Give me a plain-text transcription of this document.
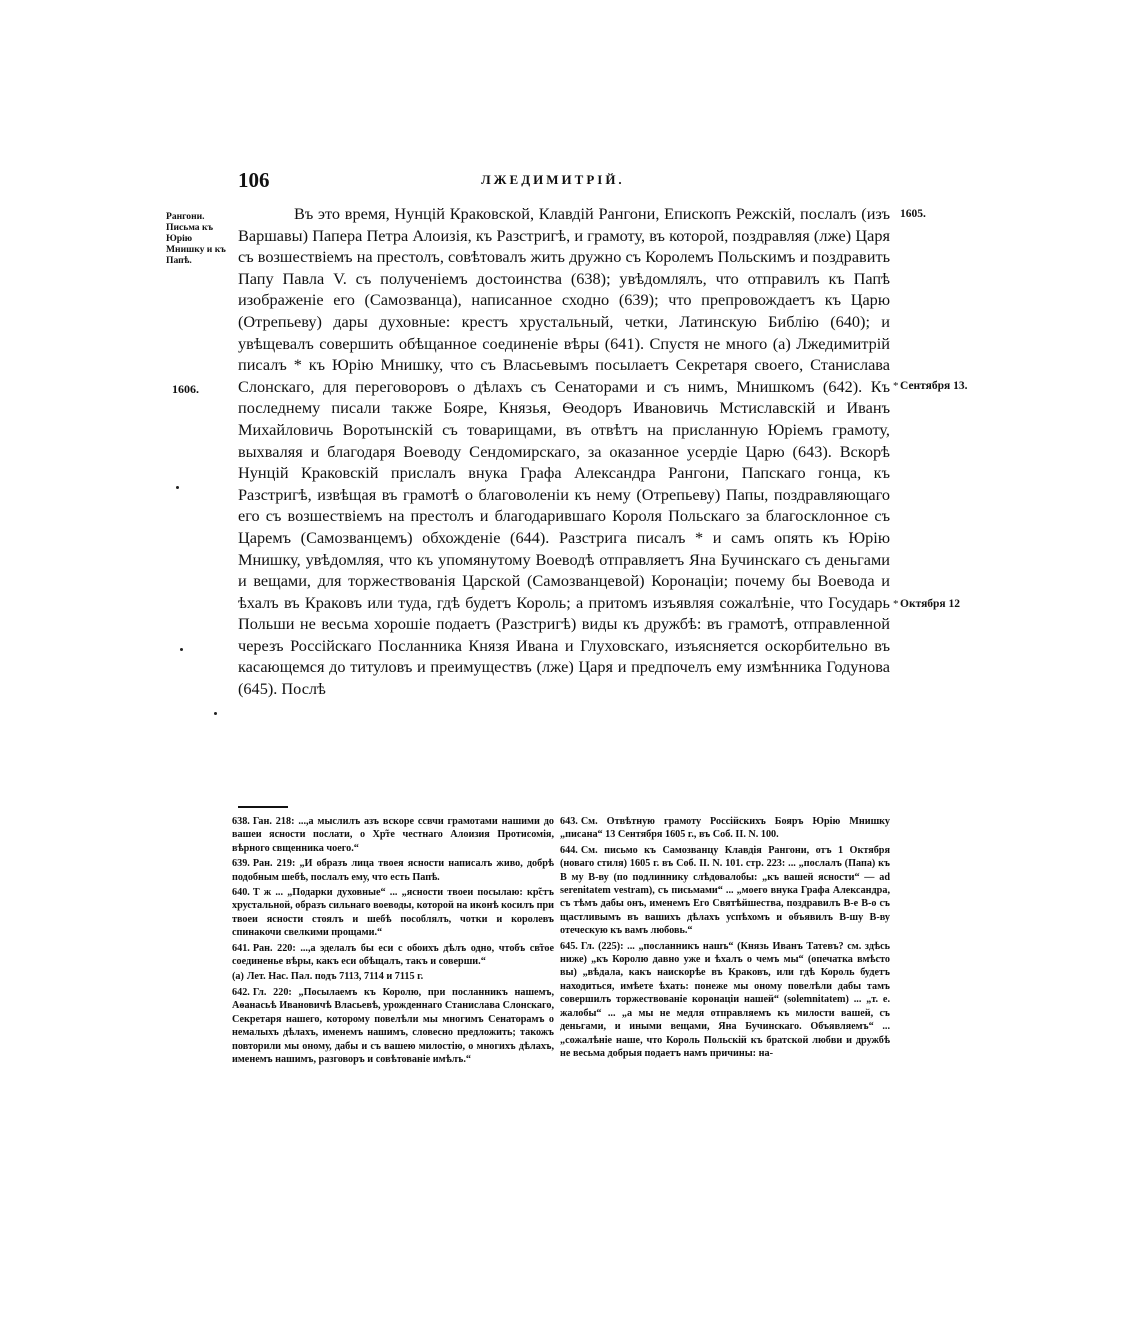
106	ЛЖЕДИМИТРIЙ.
Рангони. Письма къ Юрiю Мнишку и къ Папѣ.
1606.
1605.
* Сентября 13.
* Октября 12

Въ это время, Нунцiй Краковской, Клавдiй Рангони, Епископъ Режскiй, послалъ (изъ Варшавы) Папера Петра Алоизiя, къ Разстригѣ, и грамоту, въ которой, поздравляя (лже) Царя съ возшествiемъ на престолъ, совѣтовалъ жить дружно съ Королемъ Польскимъ и поздравить Папу Павла V. съ полученiемъ достоинства (638); увѣдомлялъ, что отправилъ къ Папѣ изображенiе его (Самозванца), написанное сходно (639); что препровождаетъ къ Царю (Отрепьеву) дары духовные: крестъ хрустальный, четки, Латинскую Библiю (640); и увѣщевалъ совершить обѣщанное соединенiе вѣры (641). Спустя не много (а) Лжедимитрiй писалъ * къ Юрiю Мнишку, что съ Власьевымъ посылаетъ Секретаря своего, Станислава Слонскаго, для переговоровъ о дѣлахъ съ Сенаторами и съ нимъ, Мнишкомъ (642). Къ последнему писали также Бояре, Князья, Ѳеодоръ Ивановичь Мстиславскiй и Иванъ Михайловичь Воротынскiй съ товарищами, въ отвѣтъ на присланную Юрiемъ грамоту, выхваляя и благодаря Воеводу Сендомирскаго, за оказанное усердiе Царю (643). Вскорѣ Нунцiй Краковскiй прислалъ внука Графа Александра Рангони, Папскаго гонца, къ Разстригѣ, извѣщая въ грамотѣ о благоволенiи къ нему (Отрепьеву) Папы, поздравляющаго его съ возшествiемъ на престолъ и благодарившаго Короля Польскаго за благосклонное съ Царемъ (Самозванцемъ) обхожденiе (644). Разстрига писалъ * и самъ опять къ Юрiю Мнишку, увѣдомляя, что къ упомянутому Воеводѣ отправляетъ Яна Бучинскаго съ деньгами и вещами, для торжествованiя Царской (Самозванцевой) Коронацiи; почему бы Воевода и ѣхалъ въ Краковъ или туда, гдѣ будетъ Король; а притомъ изъявляя сожалѣнiе, что Государь Польши не весьма хорошiе подаетъ (Разстригѣ) виды къ дружбѣ: въ грамотѣ, отправленной черезъ Россiйскаго Посланника Князя Ивана и Глуховскаго, изъясняется оскорбительно въ касающемся до титуловъ и преимуществъ (лже) Царя и предпочелъ ему измѣнника Годунова (645). Послѣ

638. Ган. 218: ...,а мыслилъ азъ вскоре ссвчи грамотами нашими до вашеи ясности послати, о Хр̃те честнаго Алоизия Протисомiя, вѣрного свщенника чоего.“

639. Ран. 219: „И образъ лица твоея ясности написалъ живо, добрѣ подобным шебѣ, послалъ ему, что есть Папѣ.

640. Т ж ... „Подарки духовные“ ... „ясности твоеи посылаю: кр̃стъ хрустальной, образъ сильнаго воеводы, которой на иконѣ косилъ при твоеи ясности стоялъ и шебѣ пособлялъ, чотки и королевъ спинакочи свелкими прощами.“

641. Ран. 220: ...,а эделалъ бы еси с обоихъ дѣлъ одно, чтобъ св̃тое соединенье вѣры, какъ еси обѣщалъ, такъ и соверши.“

(а) Лет. Нас. Пал. подъ 7113, 7114 и 7115 г.

642. Гл. 220: „Посылаемъ къ Королю, при посланникъ нашемъ, Аѳанасьѣ Ивановичѣ Власьевѣ, урожденнаго Станислава Слонскаго, Секретаря нашего, которому повелѣли мы многимъ Сенаторамъ о немалыхъ дѣлахъ, именемъ нашимъ, словесно предложить; такожъ повторили мы оному, дабы и съ вашею милостiю, о многихъ дѣлахъ, именемъ нашимъ, разговоръ и совѣтованiе имѣлъ.“

643. См. Отвѣтную грамоту Россiйскихъ Бояръ Юрiю Мнишку „писана“ 13 Сентября 1605 г., въ Соб. II. N. 100.

644. См. письмо къ Самозванцу Клавдiя Рангони, отъ 1 Октября (новаго стиля) 1605 г. въ Соб. II. N. 101. стр. 223: ... „послалъ (Папа) къ В му В-ву (по подлиннику слѣдовалобы: „къ вашей ясности“ — ad serenitatem vestram), съ письмами“ ... „моего внука Графа Александра, съ тѣмъ дабы онъ, именемъ Его Святѣйшества, поздравилъ В-е В-о съ щастливымъ въ вашихъ дѣлахъ успѣхомъ и объявилъ В-шу В-ву отеческую къ вамъ любовь.“

645. Гл. (225): ... „посланникъ нашъ“ (Князь Иванъ Татевъ? см. здѣсь ниже) „къ Королю давно уже и ѣхалъ о чемъ мы“ (опечатка вмѣсто вы) „вѣдала, какъ наискорѣе въ Краковъ, или гдѣ Король будетъ находиться, имѣете ѣхать: понеже мы оному повелѣли дабы тамъ совершилъ торжествованiе коронацiи нашей“ (solemnitatem) ... „т. е. жалобы“ ... „а мы не медля отправляемъ къ милости вашей, съ деньгами, и иными вещами, Яна Бучинскаго. Объявляемъ“ ... „сожалѣнiе наше, что Король Польскiй къ братской любви и дружбѣ не весьма добрыя подаетъ намъ причины: на-
